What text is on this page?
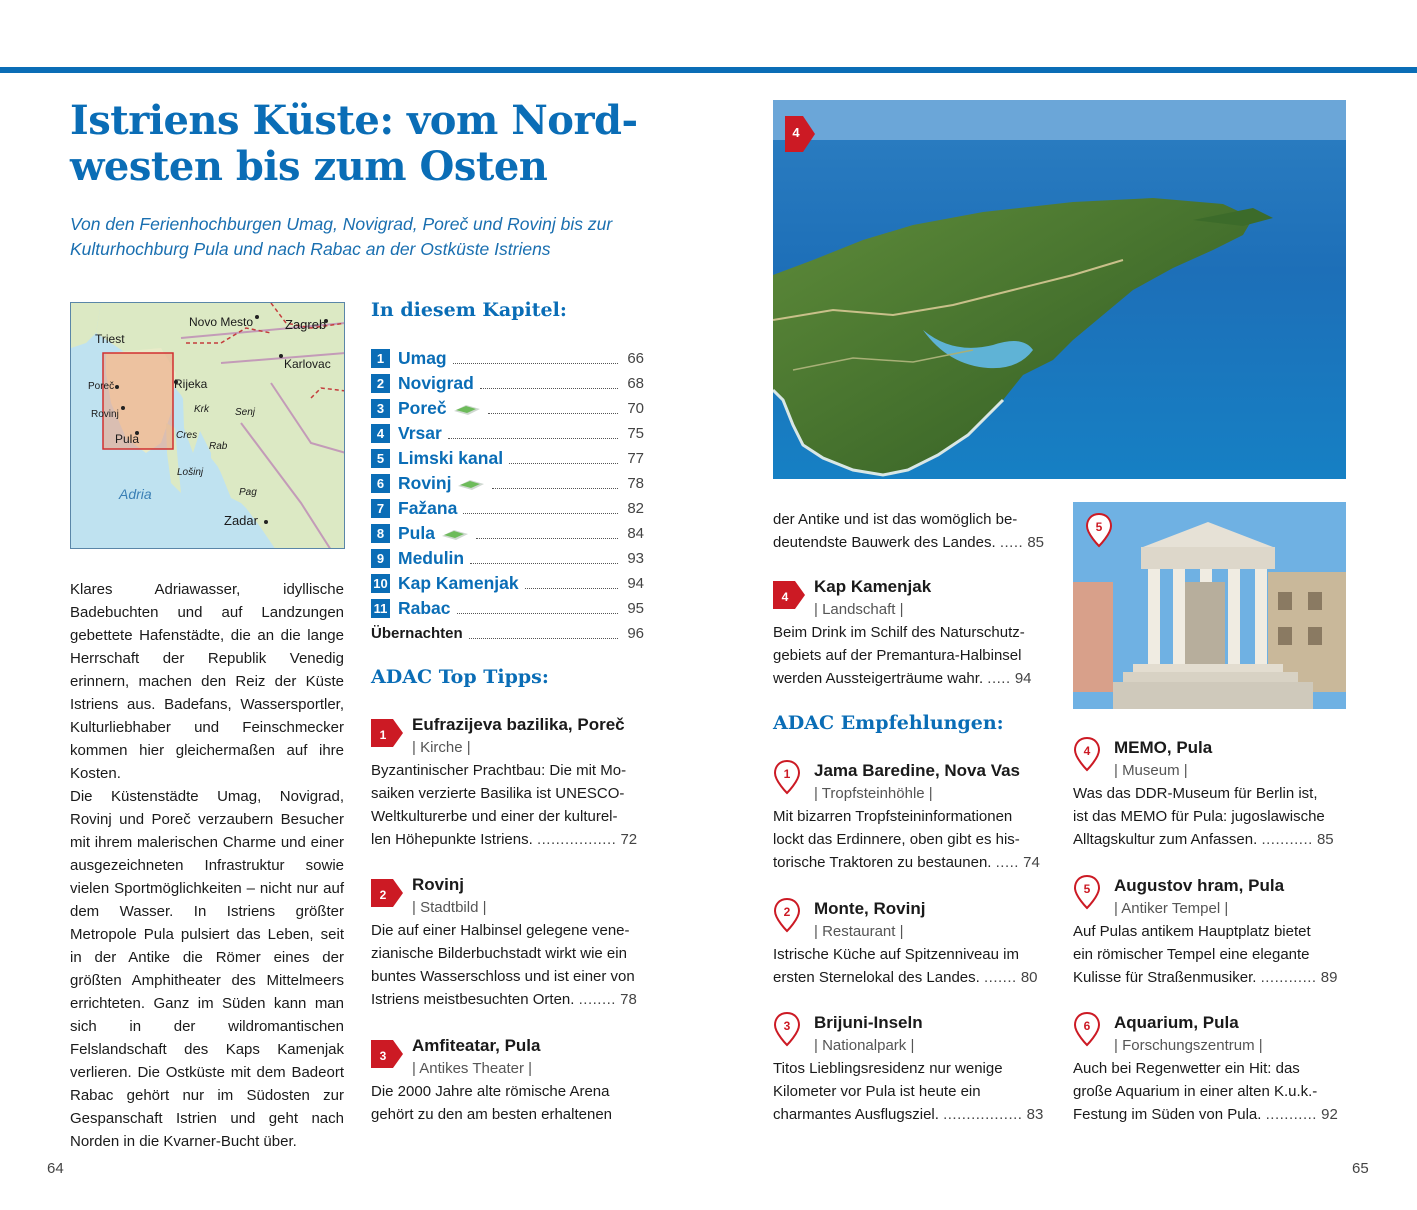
Istriens Küste: vom Nord-
westen bis zum Osten

Von den Ferienhochburgen Umag, Novigrad, Poreč und Rovinj bis zur Kulturhochburg Pula und nach Rabac an der Ostküste Istriens

Novo Mesto Zagreb
Triest
Karlovac
Poreč	Rijeka
Rovinj	Krk	Senj
Pula	Cres
Rab
Lošinj
Adria	Pag
Zadar

Klares Adriawasser, idyllische Badebuchten und auf Landzungen gebettete Hafenstädte, die an die lange Herrschaft der Republik Venedig erinnern, machen den Reiz der Küste Istriens aus. Badefans, Wassersportler, Kulturliebhaber und Feinschmecker kommen hier gleichermaßen auf ihre Kosten.

Die Küstenstädte Umag, Novigrad, Rovinj und Poreč verzaubern Besucher mit ihrem malerischen Charme und einer ausgezeichneten Infrastruktur sowie vielen Sportmöglichkeiten – nicht nur auf dem Wasser. In Istriens größter Metropole Pula pulsiert das Leben, seit in der Antike die Römer eines der größten Amphitheater des Mittelmeers errichteten. Ganz im Süden kann man sich in der wildromantischen Felslandschaft des Kaps Kamenjak verlieren. Die Ostküste mit dem Badeort Rabac gehört nur im Südosten zur Gespanschaft Istrien und geht nach Norden in die Kvarner-Bucht über.

64	65
In diesem Kapitel:
1 Umag	66
2 Novigrad	68
3 Poreč	70
4 Vrsar	75
5 Limski kanal	77
6 Rovinj	78
7 Fažana	82
8 Pula	84
9 Medulin	93
10 Kap Kamenjak	94
11 Rabac	95
Übernachten	96
ADAC Top Tipps:
1
Eufrazijeva bazilika, Poreč
| Kirche |
Byzantinischer Prachtbau: Die mit Mo-
saiken verzierte Basilika ist UNESCO-
Weltkulturerbe und einer der kulturel-
len Höhepunkte Istriens. ................. 72
2
Rovinj
| Stadtbild |
Die auf einer Halbinsel gelegene vene-
zianische Bilderbuchstadt wirkt wie ein
buntes Wasserschloss und ist einer von
Istriens meistbesuchten Orten. ........ 78
3
Amfiteatar, Pula
| Antikes Theater |
Die 2000 Jahre alte römische Arena
gehört zu den am besten erhaltenen
4
der Antike und ist das womöglich be-
deutendste Bauwerk des Landes. ..... 85
4
Kap Kamenjak
| Landschaft |
Beim Drink im Schilf des Naturschutz-
gebiets auf der Premantura-Halbinsel
werden Aussteigerträume wahr. ..... 94
ADAC Empfehlungen:
1	Jama Baredine, Nova Vas
| Tropfsteinhöhle |
Mit bizarren Tropfsteininformationen
lockt das Erdinnere, oben gibt es his-
torische Traktoren zu bestaunen. ..... 74
2	Monte, Rovinj
| Restaurant |
Istrische Küche auf Spitzenniveau im
ersten Sternelokal des Landes. ....... 80
3	Brijuni-Inseln
| Nationalpark |
Titos Lieblingsresidenz nur wenige
Kilometer vor Pula ist heute ein
charmantes Ausflugsziel. ................. 83
5
4	MEMO, Pula
| Museum |
Was das DDR-Museum für Berlin ist,
ist das MEMO für Pula: jugoslawische
Alltagskultur zum Anfassen. ........... 85
5	Augustov hram, Pula
| Antiker Tempel |
Auf Pulas antikem Hauptplatz bietet
ein römischer Tempel eine elegante
Kulisse für Straßenmusiker. ............ 89
6	Aquarium, Pula
| Forschungszentrum |
Auch bei Regenwetter ein Hit: das
große Aquarium in einer alten K.u.k.-
Festung im Süden von Pula. ........... 92
